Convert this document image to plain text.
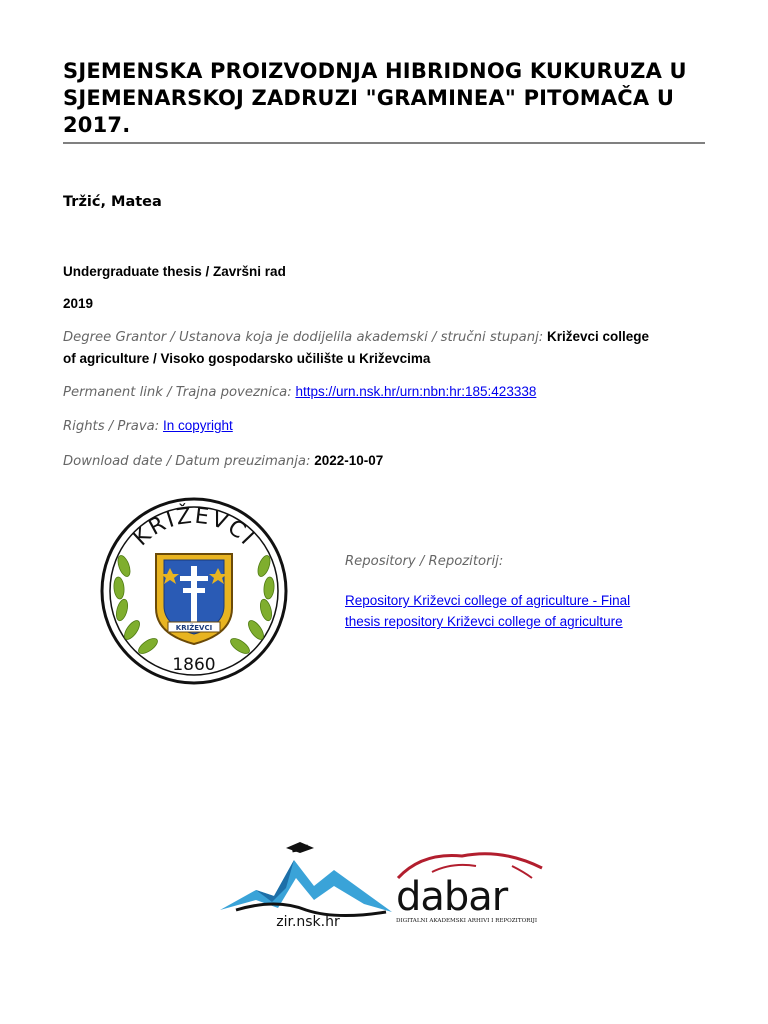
SJEMENSKA PROIZVODNJA HIBRIDNOG KUKURUZA U SJEMENARSKOJ ZADRUZI "GRAMINEA" PITOMAČA U 2017.
Tržić, Matea
Undergraduate thesis / Završni rad
2019
Degree Grantor / Ustanova koja je dodijelila akademski / stručni stupanj: Križevci college of agriculture / Visoko gospodarsko učilište u Križevcima
Permanent link / Trajna poveznica: https://urn.nsk.hr/urn:nbn:hr:185:423338
Rights / Prava: In copyright
Download date / Datum preuzimanja: 2022-10-07
KRIŽEVCI
KRIŽEVCI
1860
Repository / Repozitorij:
Repository Križevci college of agriculture - Final thesis repository Križevci college of agriculture
zir.nsk.hr
dabar
DIGITALNI AKADEMSKI ARHIVI I REPOZITORIJI
